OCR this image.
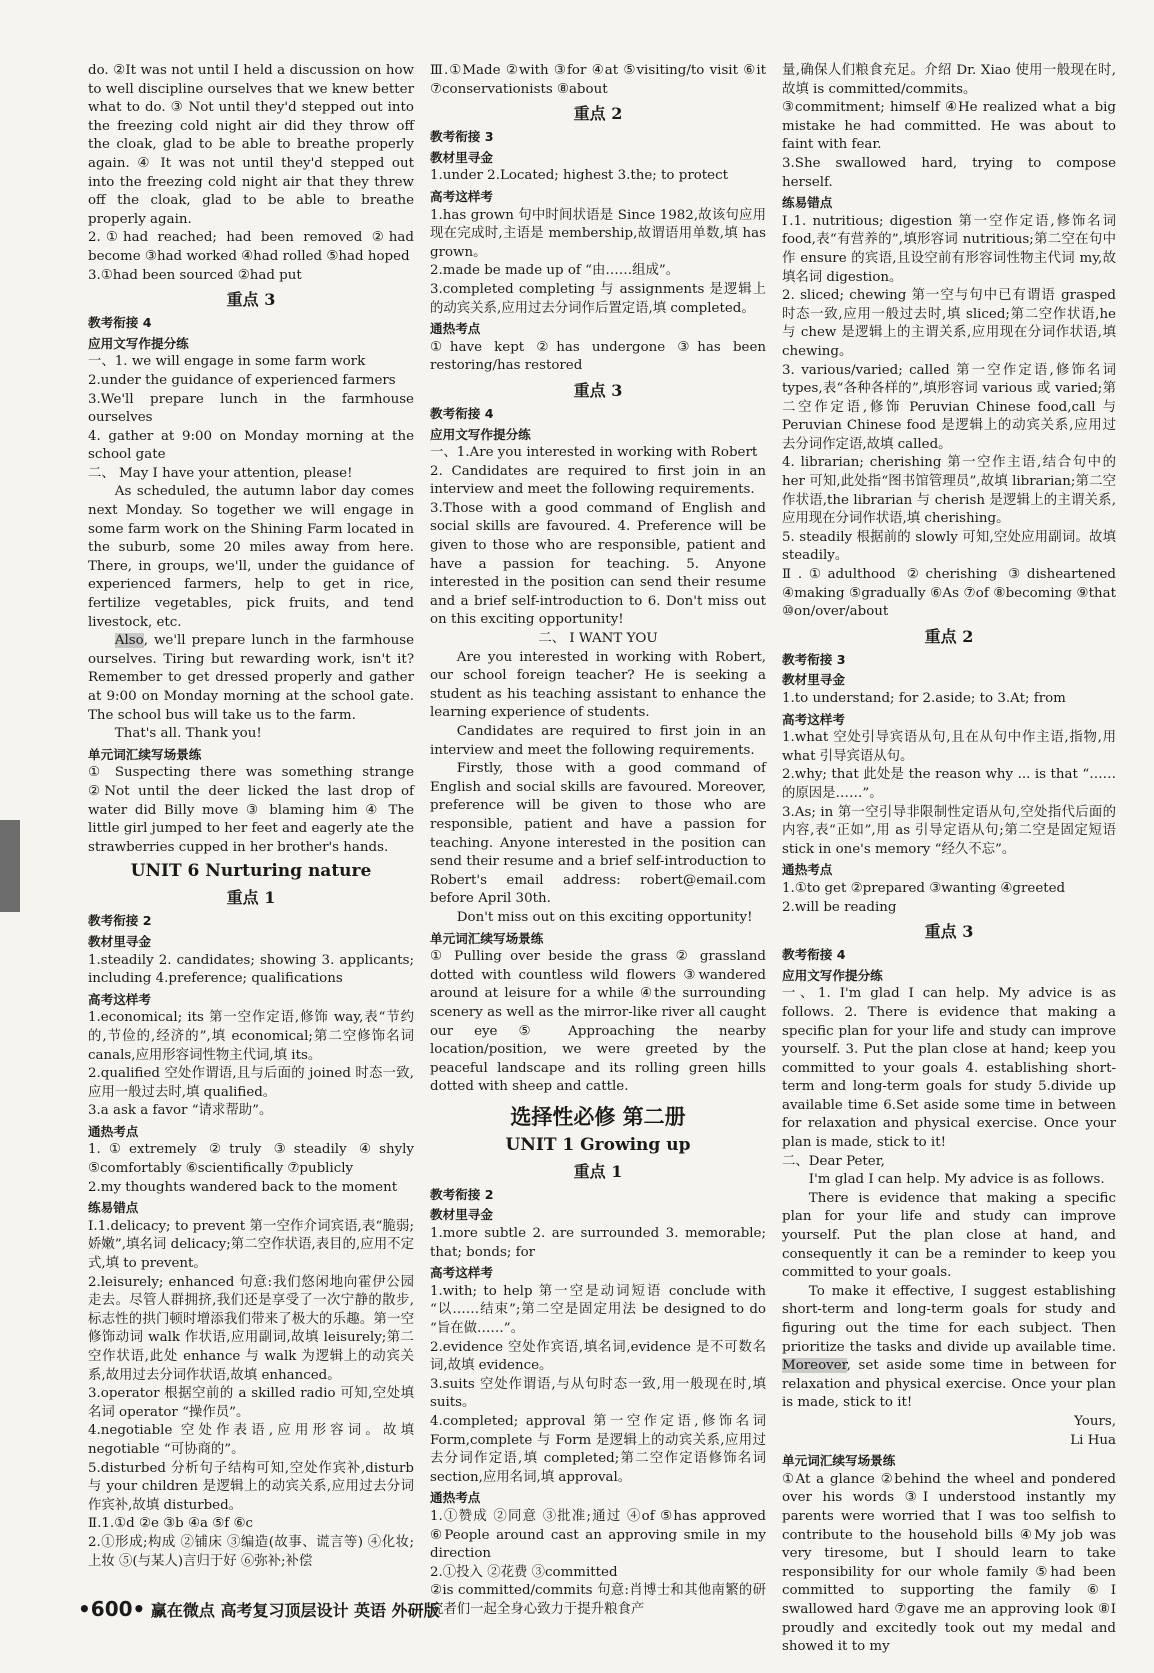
do. ②It was not until I held a discussion on how to well discipline ourselves that we knew better what to do. ③ Not until they'd stepped out into the freezing cold night air did they throw off the cloak, glad to be able to breathe properly again. ④ It was not until they'd stepped out into the freezing cold night air that they threw off the cloak, glad to be able to breathe properly again.

2.①had reached; had been removed ②had become ③had worked ④had rolled ⑤had hoped

3.①had been sourced ②had put

重点 3

教考衔接 4

应用文写作提分练

一、1. we will engage in some farm work

2.under the guidance of experienced farmers

3.We'll prepare lunch in the farmhouse ourselves

4. gather at 9:00 on Monday morning at the school gate

二、 May I have your attention, please!

As scheduled, the autumn labor day comes next Monday. So together we will engage in some farm work on the Shining Farm located in the suburb, some 20 miles away from here. There, in groups, we'll, under the guidance of experienced farmers, help to get in rice, fertilize vegetables, pick fruits, and tend livestock, etc.

Also, we'll prepare lunch in the farmhouse ourselves. Tiring but rewarding work, isn't it? Remember to get dressed properly and gather at 9:00 on Monday morning at the school gate. The school bus will take us to the farm.

That's all. Thank you!

单元词汇续写场景练

① Suspecting there was something strange ②Not until the deer licked the last drop of water did Billy move ③ blaming him ④ The little girl jumped to her feet and eagerly ate the strawberries cupped in her brother's hands.

UNIT 6 Nurturing nature

重点 1

教考衔接 2

教材里寻金

1.steadily 2. candidates; showing 3. applicants; including 4.preference; qualifications

高考这样考

1.economical; its 第一空作定语,修饰 way,表“节约的,节俭的,经济的”,填 economical;第二空修饰名词 canals,应用形容词性物主代词,填 its。

2.qualified 空处作谓语,且与后面的 joined 时态一致,应用一般过去时,填 qualified。

3.a ask a favor “请求帮助”。

通热考点

1.①extremely ②truly ③steadily ④shyly ⑤comfortably ⑥scientifically ⑦publicly

2.my thoughts wandered back to the moment

练易错点

Ⅰ.1.delicacy; to prevent 第一空作介词宾语,表“脆弱;娇嫩”,填名词 delicacy;第二空作状语,表目的,应用不定式,填 to prevent。

2.leisurely; enhanced 句意:我们悠闲地向霍伊公园走去。尽管人群拥挤,我们还是享受了一次宁静的散步,标志性的拱门顿时增添我们带来了极大的乐趣。第一空修饰动词 walk 作状语,应用副词,故填 leisurely;第二空作状语,此处 enhance 与 walk 为逻辑上的动宾关系,故用过去分词作状语,故填 enhanced。

3.operator 根据空前的 a skilled radio 可知,空处填名词 operator “操作员”。

4.negotiable 空处作表语,应用形容词。故填 negotiable “可协商的”。

5.disturbed 分析句子结构可知,空处作宾补,disturb 与 your children 是逻辑上的动宾关系,应用过去分词作宾补,故填 disturbed。

Ⅱ.1.①d ②e ③b ④a ⑤f ⑥c

2.①形成;构成 ②铺床 ③编造(故事、谎言等) ④化妆;上妆 ⑤(与某人)言归于好 ⑥弥补;补偿

Ⅲ.①Made ②with ③for ④at ⑤visiting/to visit ⑥it ⑦conservationists ⑧about

重点 2

教考衔接 3

教材里寻金

1.under 2.Located; highest 3.the; to protect

高考这样考

1.has grown 句中时间状语是 Since 1982,故该句应用现在完成时,主语是 membership,故谓语用单数,填 has grown。

2.made be made up of “由……组成”。

3.completed completing 与 assignments 是逻辑上的动宾关系,应用过去分词作后置定语,填 completed。

通热考点

①have kept ②has undergone ③has been restoring/has restored

重点 3

教考衔接 4

应用文写作提分练

一、1.Are you interested in working with Robert

2. Candidates are required to first join in an interview and meet the following requirements.

3.Those with a good command of English and social skills are favoured. 4. Preference will be given to those who are responsible, patient and have a passion for teaching. 5. Anyone interested in the position can send their resume and a brief self-introduction to 6. Don't miss out on this exciting opportunity!

二、 I WANT YOU

Are you interested in working with Robert, our school foreign teacher? He is seeking a student as his teaching assistant to enhance the learning experience of students.

Candidates are required to first join in an interview and meet the following requirements.

Firstly, those with a good command of English and social skills are favoured. Moreover, preference will be given to those who are responsible, patient and have a passion for teaching. Anyone interested in the position can send their resume and a brief self-introduction to Robert's email address: robert@email.com before April 30th.

Don't miss out on this exciting opportunity!

单元词汇续写场景练

① Pulling over beside the grass ② grassland dotted with countless wild flowers ③wandered around at leisure for a while ④the surrounding scenery as well as the mirror-like river all caught our eye ⑤ Approaching the nearby location/position, we were greeted by the peaceful landscape and its rolling green hills dotted with sheep and cattle.

选择性必修 第二册

UNIT 1 Growing up

重点 1

教考衔接 2

教材里寻金

1.more subtle 2. are surrounded 3. memorable; that; bonds; for

高考这样考

1.with; to help 第一空是动词短语 conclude with “以……结束”;第二空是固定用法 be designed to do “旨在做……”。

2.evidence 空处作宾语,填名词,evidence 是不可数名词,故填 evidence。

3.suits 空处作谓语,与从句时态一致,用一般现在时,填 suits。

4.completed; approval 第一空作定语,修饰名词 Form,complete 与 Form 是逻辑上的动宾关系,应用过去分词作定语,填 completed;第二空作定语修饰名词 section,应用名词,填 approval。

通热考点

1.①赞成 ②同意 ③批准;通过 ④of ⑤has approved ⑥People around cast an approving smile in my direction

2.①投入 ②花费 ③committed

②is committed/commits 句意:肖博士和其他南繁的研究者们一起全身心致力于提升粮食产

量,确保人们粮食充足。介绍 Dr. Xiao 使用一般现在时,故填 is committed/commits。

③commitment; himself ④He realized what a big mistake he had committed. He was about to faint with fear.

3.She swallowed hard, trying to compose herself.

练易错点

Ⅰ.1. nutritious; digestion 第一空作定语,修饰名词 food,表“有营养的”,填形容词 nutritious;第二空在句中作 ensure 的宾语,且设空前有形容词性物主代词 my,故填名词 digestion。

2. sliced; chewing 第一空与句中已有谓语 grasped 时态一致,应用一般过去时,填 sliced;第二空作状语,he 与 chew 是逻辑上的主谓关系,应用现在分词作状语,填 chewing。

3. various/varied; called 第一空作定语,修饰名词 types,表“各种各样的”,填形容词 various 或 varied;第二空作定语,修饰 Peruvian Chinese food,call 与 Peruvian Chinese food 是逻辑上的动宾关系,应用过去分词作定语,故填 called。

4. librarian; cherishing 第一空作主语,结合句中的 her 可知,此处指“图书馆管理员”,故填 librarian;第二空作状语,the librarian 与 cherish 是逻辑上的主谓关系,应用现在分词作状语,填 cherishing。

5. steadily 根据前的 slowly 可知,空处应用副词。故填 steadily。

Ⅱ.①adulthood ②cherishing ③disheartened ④making ⑤gradually ⑥As ⑦of ⑧becoming ⑨that ⑩on/over/about

重点 2

教考衔接 3

教材里寻金

1.to understand; for 2.aside; to 3.At; from

高考这样考

1.what 空处引导宾语从句,且在从句中作主语,指物,用 what 引导宾语从句。

2.why; that 此处是 the reason why ... is that “……的原因是……”。

3.As; in 第一空引导非限制性定语从句,空处指代后面的内容,表“正如”,用 as 引导定语从句;第二空是固定短语 stick in one's memory “经久不忘”。

通热考点

1.①to get ②prepared ③wanting ④greeted

2.will be reading

重点 3

教考衔接 4

应用文写作提分练

一、1. I'm glad I can help. My advice is as follows. 2. There is evidence that making a specific plan for your life and study can improve yourself. 3. Put the plan close at hand; keep you committed to your goals 4. establishing short-term and long-term goals for study 5.divide up available time 6.Set aside some time in between for relaxation and physical exercise. Once your plan is made, stick to it!

二、Dear Peter,

I'm glad I can help. My advice is as follows.

There is evidence that making a specific plan for your life and study can improve yourself. Put the plan close at hand, and consequently it can be a reminder to keep you committed to your goals.

To make it effective, I suggest establishing short-term and long-term goals for study and figuring out the time for each subject. Then prioritize the tasks and divide up available time. Moreover, set aside some time in between for relaxation and physical exercise. Once your plan is made, stick to it!

Yours,

Li Hua

单元词汇续写场景练

①At a glance ②behind the wheel and pondered over his words ③I understood instantly my parents were worried that I was too selfish to contribute to the household bills ④My job was very tiresome, but I should learn to take responsibility for our whole family ⑤had been committed to supporting the family ⑥I swallowed hard ⑦gave me an approving look ⑧I proudly and excitedly took out my medal and showed it to my

•600• 赢在微点 高考复习顶层设计 英语 外研版
